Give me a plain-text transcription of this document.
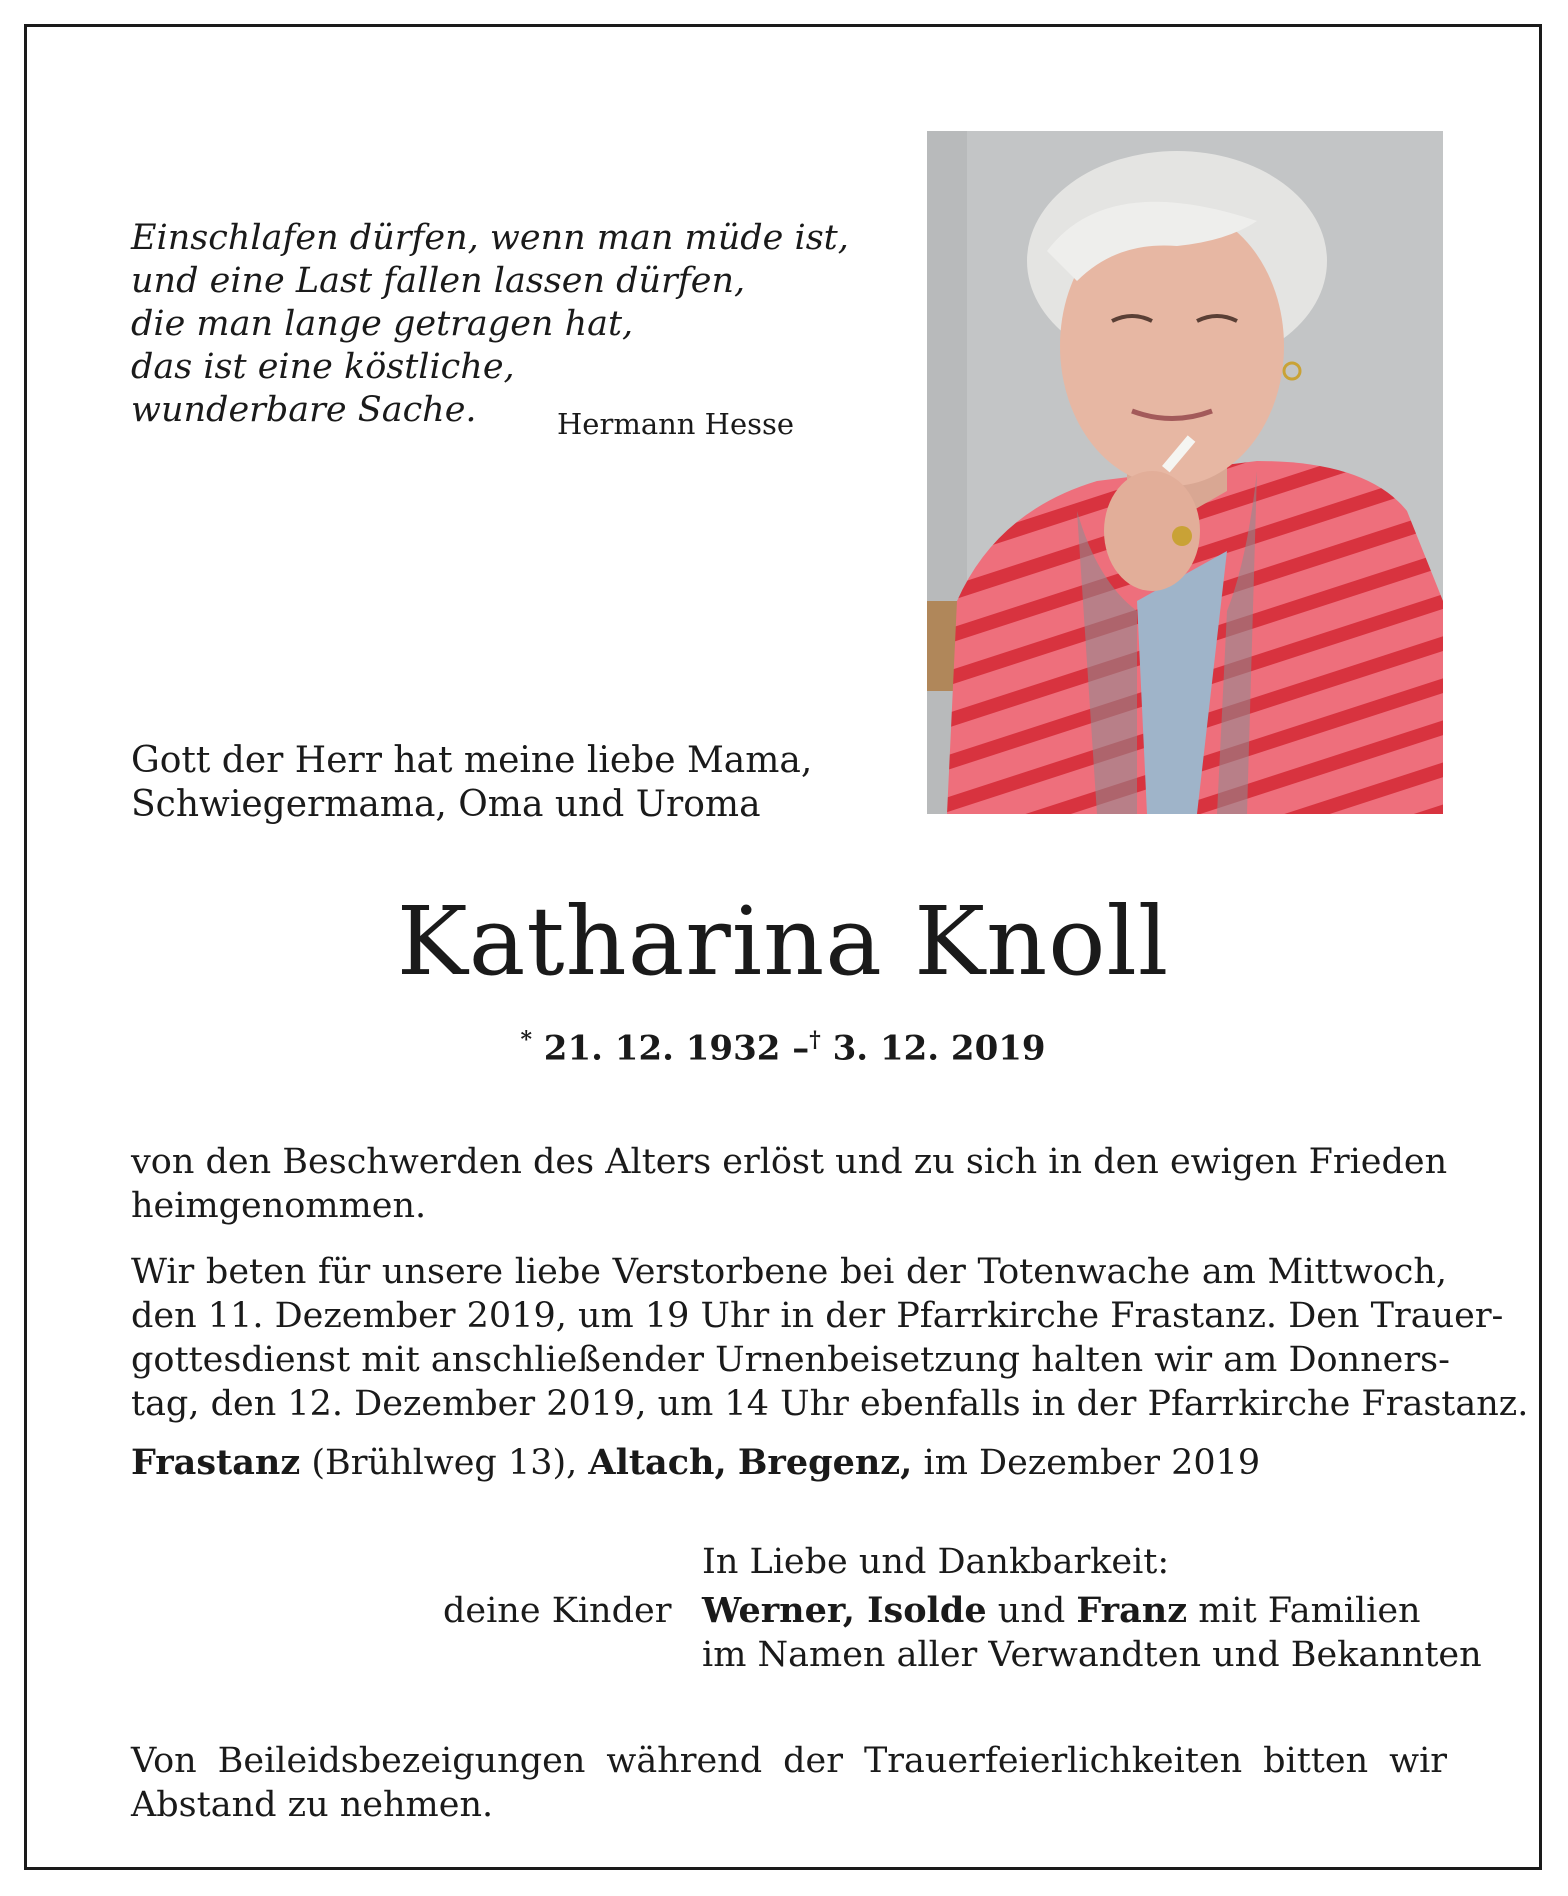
Einschlafen dürfen, wenn man müde ist,
und eine Last fallen lassen dürfen,
die man lange getragen hat,
das ist eine köstliche,
wunderbare Sache.	Hermann Hesse
Gott der Herr hat meine liebe Mama,
Schwiegermama, Oma und Uroma
Katharina Knoll
* 21. 12. 1932 –† 3. 12. 2019
von den Beschwerden des Alters erlöst und zu sich in den ewigen Frieden
heimgenommen.
Wir beten für unsere liebe Verstorbene bei der Totenwache am Mittwoch,
den 11. Dezember 2019, um 19 Uhr in der Pfarrkirche Frastanz. Den Trauer-
gottesdienst mit anschließender Urnenbeisetzung halten wir am Donners-
tag, den 12. Dezember 2019, um 14 Uhr ebenfalls in der Pfarrkirche Frastanz.
Frastanz (Brühlweg 13), Altach, Bregenz, im Dezember 2019
In Liebe und Dankbarkeit:
deine Kinder Werner, Isolde und Franz mit Familien
im Namen aller Verwandten und Bekannten
Von Beileidsbezeigungen während der Trauerfeierlichkeiten bitten wir
Abstand zu nehmen.
